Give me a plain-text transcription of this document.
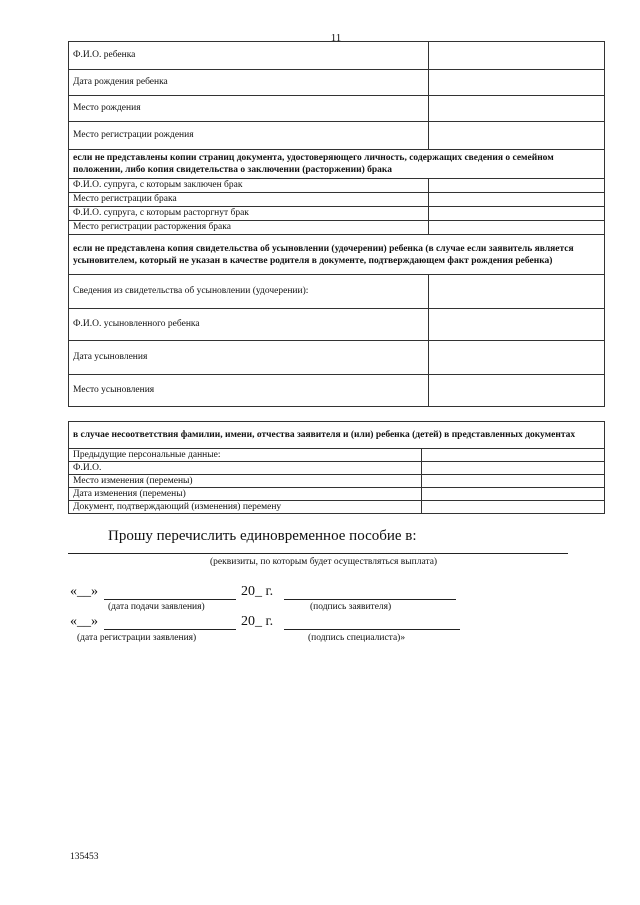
11
Ф.И.О. ребенка	
Дата рождения ребенка	
Место рождения	
Место регистрации рождения	
если не представлены копии страниц документа, удостоверяющего личность, содержащих сведения о семейном положении, либо копия свидетельства о заключении (расторжении) брака	
Ф.И.О. супруга, с которым заключен брак	
Место регистрации брака	
Ф.И.О. супруга, с которым расторгнут брак	
Место регистрации расторжения брака	
если не представлена копия свидетельства об усыновлении (удочерении) ребенка (в случае если заявитель является усыновителем, который не указан в качестве родителя в документе, подтверждающем факт рождения ребенка)	
Сведения из свидетельства об усыновлении (удочерении):	
Ф.И.О. усыновленного ребенка	
Дата усыновления	
Место усыновления	
в случае несоответствия фамилии, имени, отчества заявителя и (или) ребенка (детей) в представленных документах	
Предыдущие персональные данные:	
Ф.И.О.	
Место изменения (перемены)	
Дата изменения (перемены)	
Документ, подтверждающий (изменения) перемену	
Прошу перечислить единовременное пособие в:
(реквизиты, по которым будет осуществляться выплата)
«__»	20_ г.
(дата подачи заявления)	(подпись заявителя)
«__»	20_ г.
(дата регистрации заявления)	(подпись специалиста)»
135453
